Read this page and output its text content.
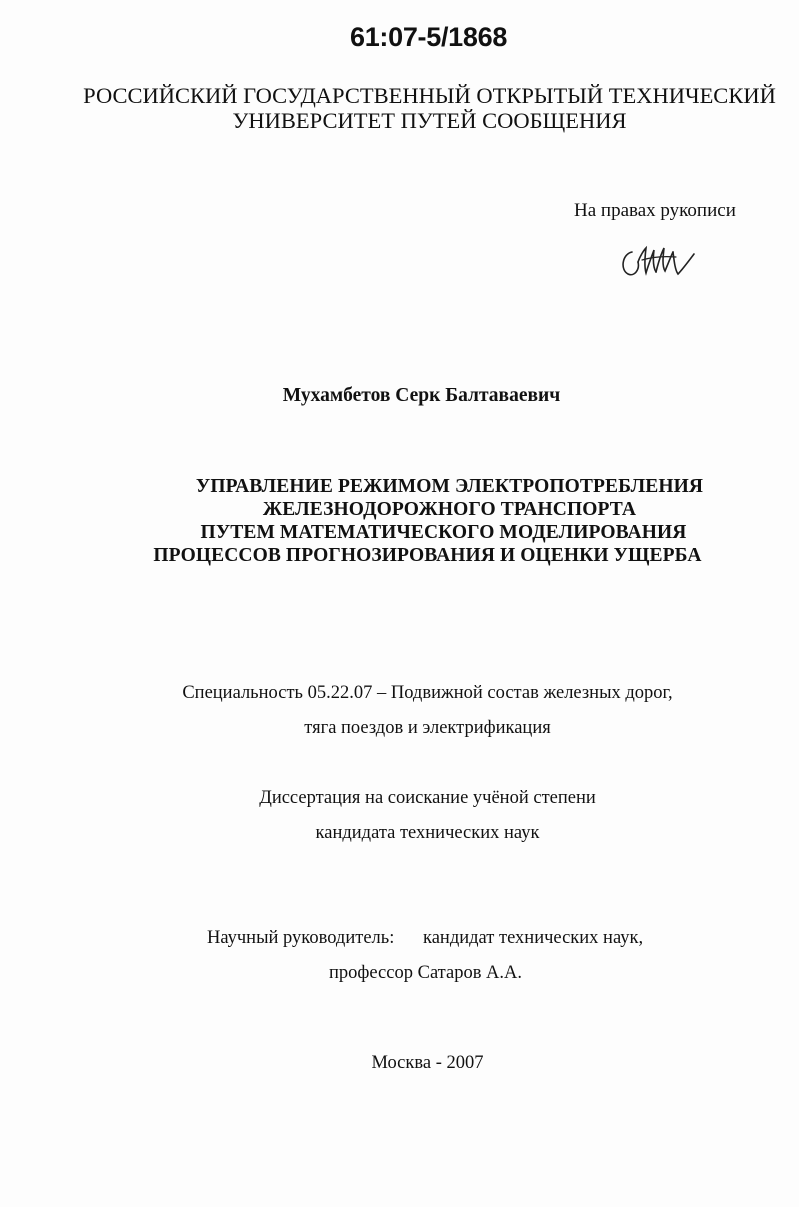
61:07-5/1868
РОССИЙСКИЙ ГОСУДАРСТВЕННЫЙ ОТКРЫТЫЙ ТЕХНИЧЕСКИЙ
УНИВЕРСИТЕТ ПУТЕЙ СООБЩЕНИЯ
На правах рукописи
Мухамбетов Серк Балтаваевич
УПРАВЛЕНИЕ РЕЖИМОМ ЭЛЕКТРОПОТРЕБЛЕНИЯ
ЖЕЛЕЗНОДОРОЖНОГО ТРАНСПОРТА
ПУТЕМ МАТЕМАТИЧЕСКОГО МОДЕЛИРОВАНИЯ
ПРОЦЕССОВ ПРОГНОЗИРОВАНИЯ И ОЦЕНКИ УЩЕРБА
Специальность 05.22.07 – Подвижной состав железных дорог,
тяга поездов и электрификация
Диссертация на соискание учёной степени
кандидата технических наук
Научный руководитель: кандидат технических наук,
профессор Сатаров А.А.
Москва - 2007
